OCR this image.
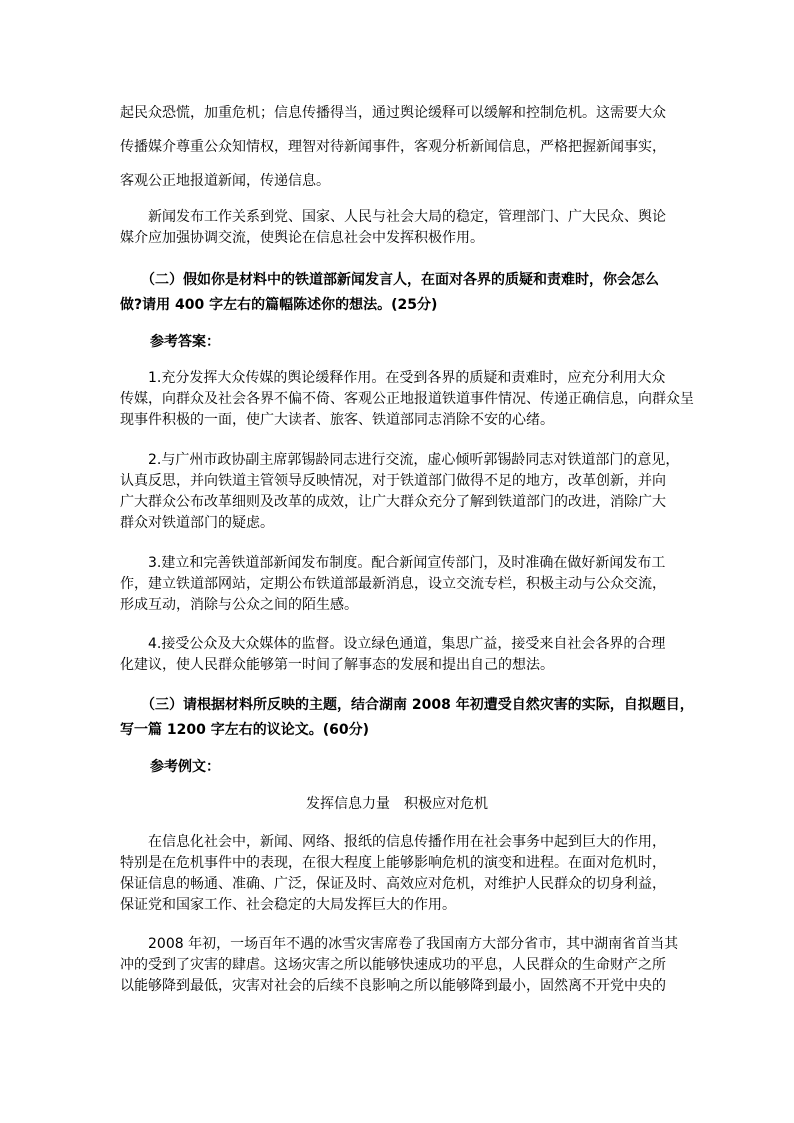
起民众恐慌，加重危机；信息传播得当，通过舆论缓释可以缓解和控制危机。这需要大众
传播媒介尊重公众知情权，理智对待新闻事件，客观分析新闻信息，严格把握新闻事实，
客观公正地报道新闻，传递信息。
　　新闻发布工作关系到党、国家、人民与社会大局的稳定，管理部门、广大民众、舆论
媒介应加强协调交流，使舆论在信息社会中发挥积极作用。
　　（二）假如你是材料中的铁道部新闻发言人，在面对各界的质疑和责难时，你会怎么
做?请用 400 字左右的篇幅陈述你的想法。(25分)
参考答案：
　　1.充分发挥大众传媒的舆论缓释作用。在受到各界的质疑和责难时，应充分利用大众
传媒，向群众及社会各界不偏不倚、客观公正地报道铁道事件情况、传递正确信息，向群众呈
现事件积极的一面，使广大读者、旅客、铁道部同志消除不安的心绪。
　　2.与广州市政协副主席郭锡龄同志进行交流，虚心倾听郭锡龄同志对铁道部门的意见，
认真反思，并向铁道主管领导反映情况，对于铁道部门做得不足的地方，改革创新，并向
广大群众公布改革细则及改革的成效，让广大群众充分了解到铁道部门的改进，消除广大
群众对铁道部门的疑虑。
　　3.建立和完善铁道部新闻发布制度。配合新闻宣传部门，及时准确在做好新闻发布工
作，建立铁道部网站，定期公布铁道部最新消息，设立交流专栏，积极主动与公众交流，
形成互动，消除与公众之间的陌生感。
　　4.接受公众及大众媒体的监督。设立绿色通道，集思广益，接受来自社会各界的合理
化建议，使人民群众能够第一时间了解事态的发展和提出自己的想法。
　　（三）请根据材料所反映的主题，结合湖南 2008 年初遭受自然灾害的实际，自拟题目，
写一篇 1200 字左右的议论文。(60分)
参考例文：
发挥信息力量　积极应对危机
　　在信息化社会中，新闻、网络、报纸的信息传播作用在社会事务中起到巨大的作用，
特别是在危机事件中的表现，在很大程度上能够影响危机的演变和进程。在面对危机时，
保证信息的畅通、准确、广泛，保证及时、高效应对危机，对维护人民群众的切身利益，
保证党和国家工作、社会稳定的大局发挥巨大的作用。
　　2008 年初，一场百年不遇的冰雪灾害席卷了我国南方大部分省市，其中湖南省首当其
冲的受到了灾害的肆虐。这场灾害之所以能够快速成功的平息，人民群众的生命财产之所
以能够降到最低，灾害对社会的后续不良影响之所以能够降到最小，固然离不开党中央的
